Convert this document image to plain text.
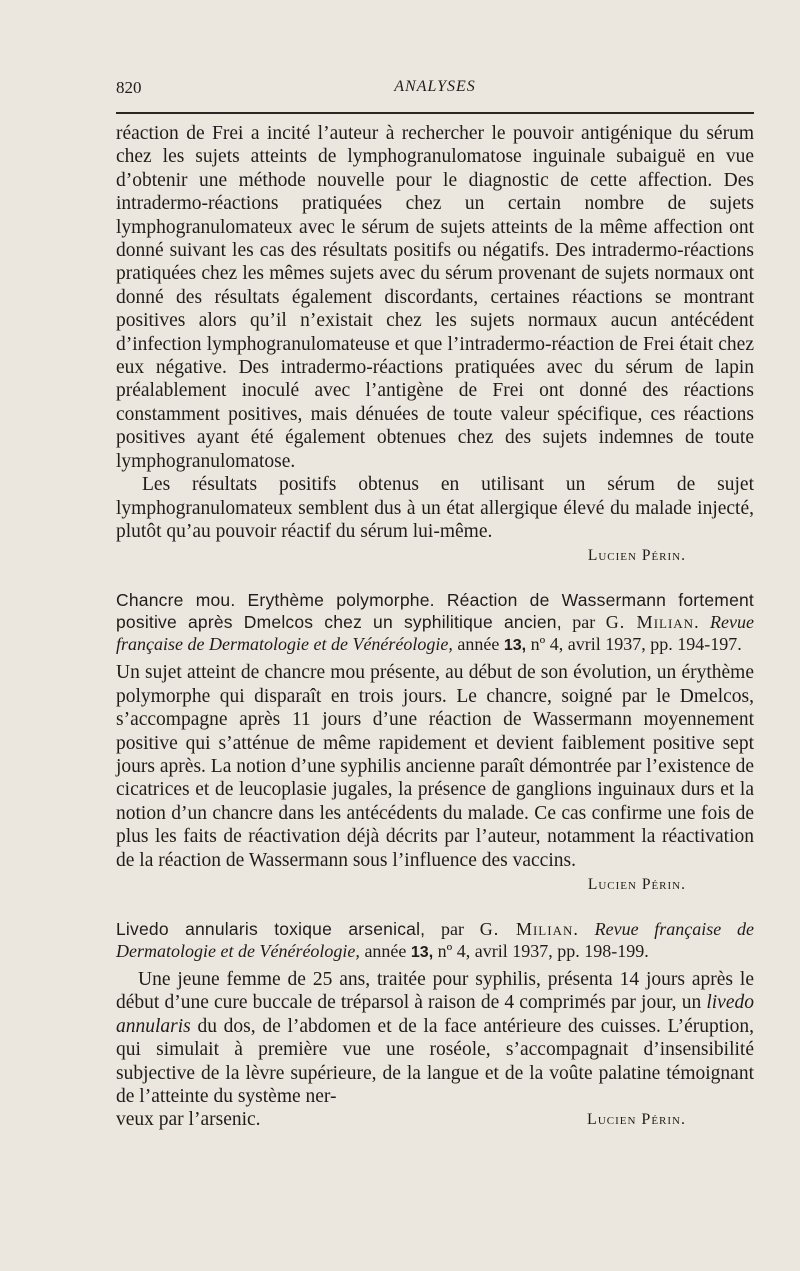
820	ANALYSES

réaction de Frei a incité l’auteur à rechercher le pouvoir antigénique du sérum chez les sujets atteints de lymphogranulomatose inguinale subaiguë en vue d’obtenir une méthode nouvelle pour le diagnostic de cette affection. Des intradermo-réactions pratiquées chez un certain nombre de sujets lymphogranulomateux avec le sérum de sujets atteints de la même affection ont donné suivant les cas des résultats positifs ou négatifs. Des intradermo-réactions pratiquées chez les mêmes sujets avec du sérum provenant de sujets normaux ont donné des résultats également discordants, certaines réactions se montrant positives alors qu’il n’existait chez les sujets normaux aucun antécédent d’infection lymphogranulomateuse et que l’intradermo-réaction de Frei était chez eux négative. Des intradermo-réactions pratiquées avec du sérum de lapin préalablement inoculé avec l’antigène de Frei ont donné des réactions constamment positives, mais dénuées de toute valeur spécifique, ces réactions positives ayant été également obtenues chez des sujets indemnes de toute lymphogranulomatose.

Les résultats positifs obtenus en utilisant un sérum de sujet lymphogranulomateux semblent dus à un état allergique élevé du malade injecté, plutôt qu’au pouvoir réactif du sérum lui-même.

Lucien Périn.

Chancre mou. Erythème polymorphe. Réaction de Wassermann fortement positive après Dmelcos chez un syphilitique ancien, par G. Milian. Revue française de Dermatologie et de Vénéréologie, année 13, nº 4, avril 1937, pp. 194-197.

Un sujet atteint de chancre mou présente, au début de son évolution, un érythème polymorphe qui disparaît en trois jours. Le chancre, soigné par le Dmelcos, s’accompagne après 11 jours d’une réaction de Wassermann moyennement positive qui s’atténue de même rapidement et devient faiblement positive sept jours après. La notion d’une syphilis ancienne paraît démontrée par l’existence de cicatrices et de leucoplasie jugales, la présence de ganglions inguinaux durs et la notion d’un chancre dans les antécédents du malade. Ce cas confirme une fois de plus les faits de réactivation déjà décrits par l’auteur, notamment la réactivation de la réaction de Wassermann sous l’influence des vaccins.

Lucien Périn.

Livedo annularis toxique arsenical, par G. Milian. Revue française de Dermatologie et de Vénéréologie, année 13, nº 4, avril 1937, pp. 198-199.

Une jeune femme de 25 ans, traitée pour syphilis, présenta 14 jours après le début d’une cure buccale de tréparsol à raison de 4 comprimés par jour, un livedo annularis du dos, de l’abdomen et de la face antérieure des cuisses. L’éruption, qui simulait à première vue une roséole, s’accompagnait d’insensibilité subjective de la lèvre supérieure, de la langue et de la voûte palatine témoignant de l’atteinte du système ner-

veux par l’arsenic.	Lucien Périn.
